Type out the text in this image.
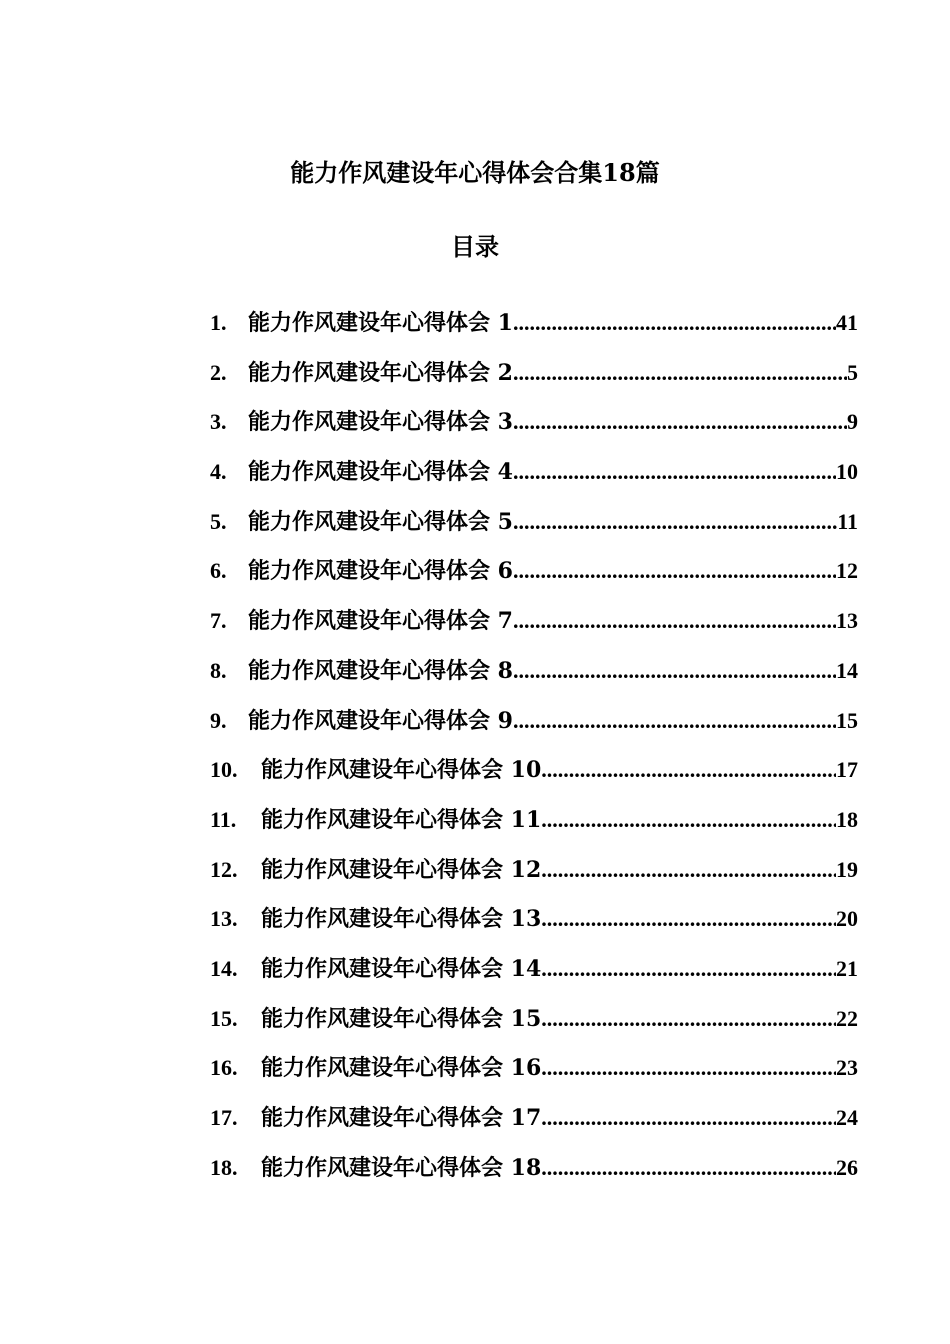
能力作风建设年心得体会合集18篇
目录
1. 能力作风建设年心得体会 1 .....	41
2. 能力作风建设年心得体会 2 .....	5
3. 能力作风建设年心得体会 3 .....	9
4. 能力作风建设年心得体会 4 .....	10
5. 能力作风建设年心得体会 5 .....	11
6. 能力作风建设年心得体会 6 .....	12
7. 能力作风建设年心得体会 7 .....	13
8. 能力作风建设年心得体会 8 .....	14
9. 能力作风建设年心得体会 9 .....	15
10.	能力作风建设年心得体会 10 .....	17
11.	能力作风建设年心得体会 11 .....	18
12.	能力作风建设年心得体会 12 .....	19
13.	能力作风建设年心得体会 13 .....	20
14.	能力作风建设年心得体会 14 .....	21
15.	能力作风建设年心得体会 15 .....	22
16.	能力作风建设年心得体会 16 .....	23
17.	能力作风建设年心得体会 17 .....	24
18.	能力作风建设年心得体会 18 .....	26
